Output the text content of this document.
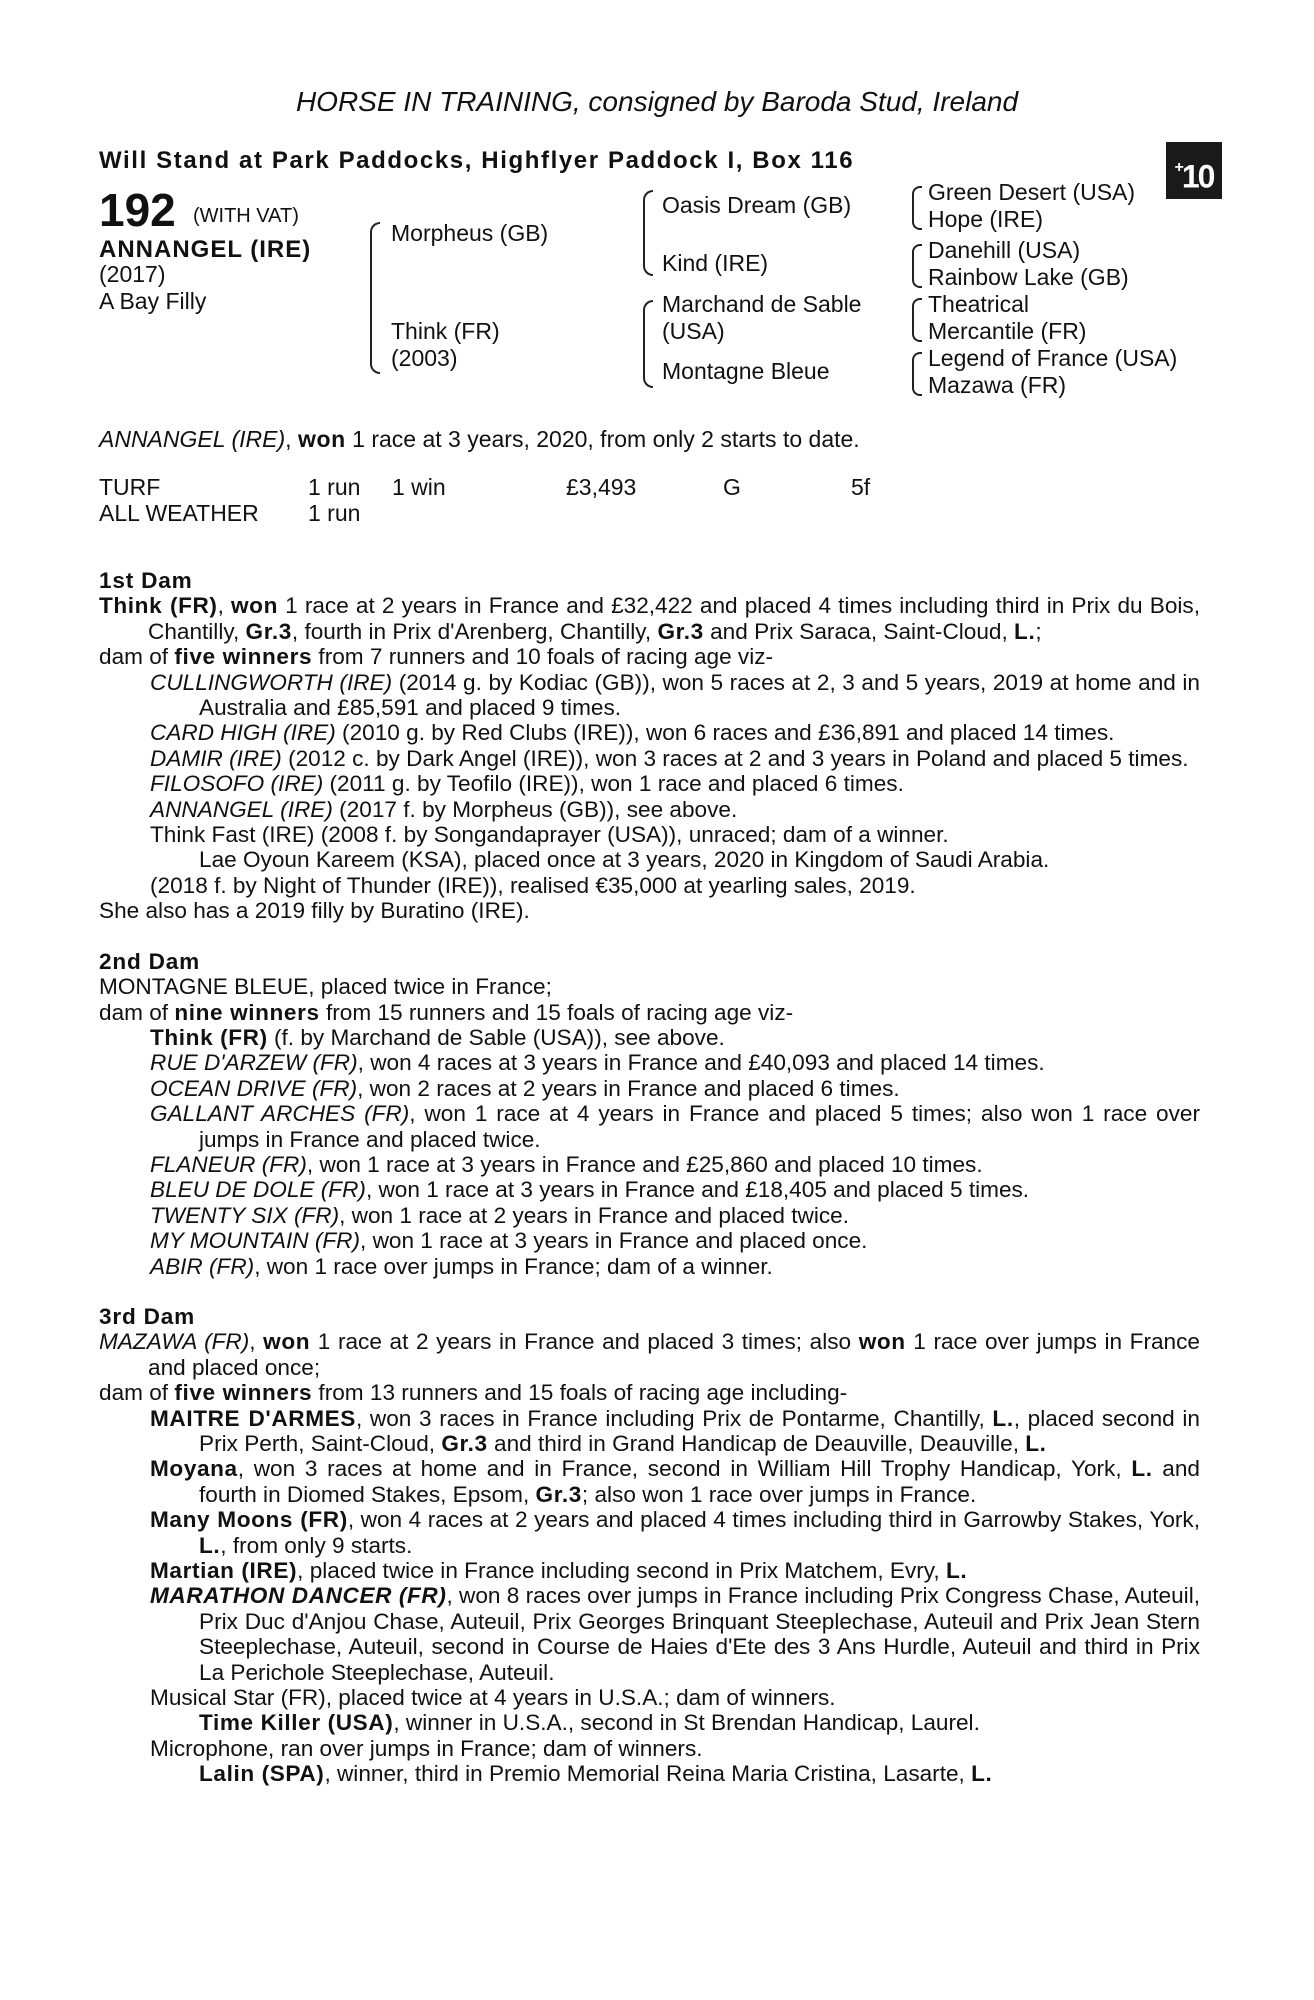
HORSE IN TRAINING, consigned by Baroda Stud, Ireland
Will Stand at Park Paddocks, Highflyer Paddock I, Box 116	+10
192 (WITH VAT)
ANNANGEL (IRE)
(2017)
A Bay Filly
Morpheus (GB)
Think (FR)
(2003)
Oasis Dream (GB)
Kind (IRE)
Marchand de Sable
(USA)
Montagne Bleue
Green Desert (USA)
Hope (IRE)
Danehill (USA)
Rainbow Lake (GB)
Theatrical
Mercantile (FR)
Legend of France (USA)
Mazawa (FR)
ANNANGEL (IRE), won 1 race at 3 years, 2020, from only 2 starts to date.
TURF	1 run	1 win	£3,493	G	5f
ALL WEATHER	1 run				
1st Dam
Think (FR), won 1 race at 2 years in France and £32,422 and placed 4 times including third in Prix du Bois, Chantilly, Gr.3, fourth in Prix d'Arenberg, Chantilly, Gr.3 and Prix Saraca, Saint-Cloud, L.;
dam of five winners from 7 runners and 10 foals of racing age viz-
CULLINGWORTH (IRE) (2014 g. by Kodiac (GB)), won 5 races at 2, 3 and 5 years, 2019 at home and in Australia and £85,591 and placed 9 times.
CARD HIGH (IRE) (2010 g. by Red Clubs (IRE)), won 6 races and £36,891 and placed 14 times.
DAMIR (IRE) (2012 c. by Dark Angel (IRE)), won 3 races at 2 and 3 years in Poland and placed 5 times.
FILOSOFO (IRE) (2011 g. by Teofilo (IRE)), won 1 race and placed 6 times.
ANNANGEL (IRE) (2017 f. by Morpheus (GB)), see above.
Think Fast (IRE) (2008 f. by Songandaprayer (USA)), unraced; dam of a winner.
Lae Oyoun Kareem (KSA), placed once at 3 years, 2020 in Kingdom of Saudi Arabia.
(2018 f. by Night of Thunder (IRE)), realised €35,000 at yearling sales, 2019.
She also has a 2019 filly by Buratino (IRE).
2nd Dam
MONTAGNE BLEUE, placed twice in France;
dam of nine winners from 15 runners and 15 foals of racing age viz-
Think (FR) (f. by Marchand de Sable (USA)), see above.
RUE D'ARZEW (FR), won 4 races at 3 years in France and £40,093 and placed 14 times.
OCEAN DRIVE (FR), won 2 races at 2 years in France and placed 6 times.
GALLANT ARCHES (FR), won 1 race at 4 years in France and placed 5 times; also won 1 race over jumps in France and placed twice.
FLANEUR (FR), won 1 race at 3 years in France and £25,860 and placed 10 times.
BLEU DE DOLE (FR), won 1 race at 3 years in France and £18,405 and placed 5 times.
TWENTY SIX (FR), won 1 race at 2 years in France and placed twice.
MY MOUNTAIN (FR), won 1 race at 3 years in France and placed once.
ABIR (FR), won 1 race over jumps in France; dam of a winner.
3rd Dam
MAZAWA (FR), won 1 race at 2 years in France and placed 3 times; also won 1 race over jumps in France and placed once;
dam of five winners from 13 runners and 15 foals of racing age including-
MAITRE D'ARMES, won 3 races in France including Prix de Pontarme, Chantilly, L., placed second in Prix Perth, Saint-Cloud, Gr.3 and third in Grand Handicap de Deauville, Deauville, L.
Moyana, won 3 races at home and in France, second in William Hill Trophy Handicap, York, L. and fourth in Diomed Stakes, Epsom, Gr.3; also won 1 race over jumps in France.
Many Moons (FR), won 4 races at 2 years and placed 4 times including third in Garrowby Stakes, York, L., from only 9 starts.
Martian (IRE), placed twice in France including second in Prix Matchem, Evry, L.
MARATHON DANCER (FR), won 8 races over jumps in France including Prix Congress Chase, Auteuil, Prix Duc d'Anjou Chase, Auteuil, Prix Georges Brinquant Steeplechase, Auteuil and Prix Jean Stern Steeplechase, Auteuil, second in Course de Haies d'Ete des 3 Ans Hurdle, Auteuil and third in Prix La Perichole Steeplechase, Auteuil.
Musical Star (FR), placed twice at 4 years in U.S.A.; dam of winners.
Time Killer (USA), winner in U.S.A., second in St Brendan Handicap, Laurel.
Microphone, ran over jumps in France; dam of winners.
Lalin (SPA), winner, third in Premio Memorial Reina Maria Cristina, Lasarte, L.
